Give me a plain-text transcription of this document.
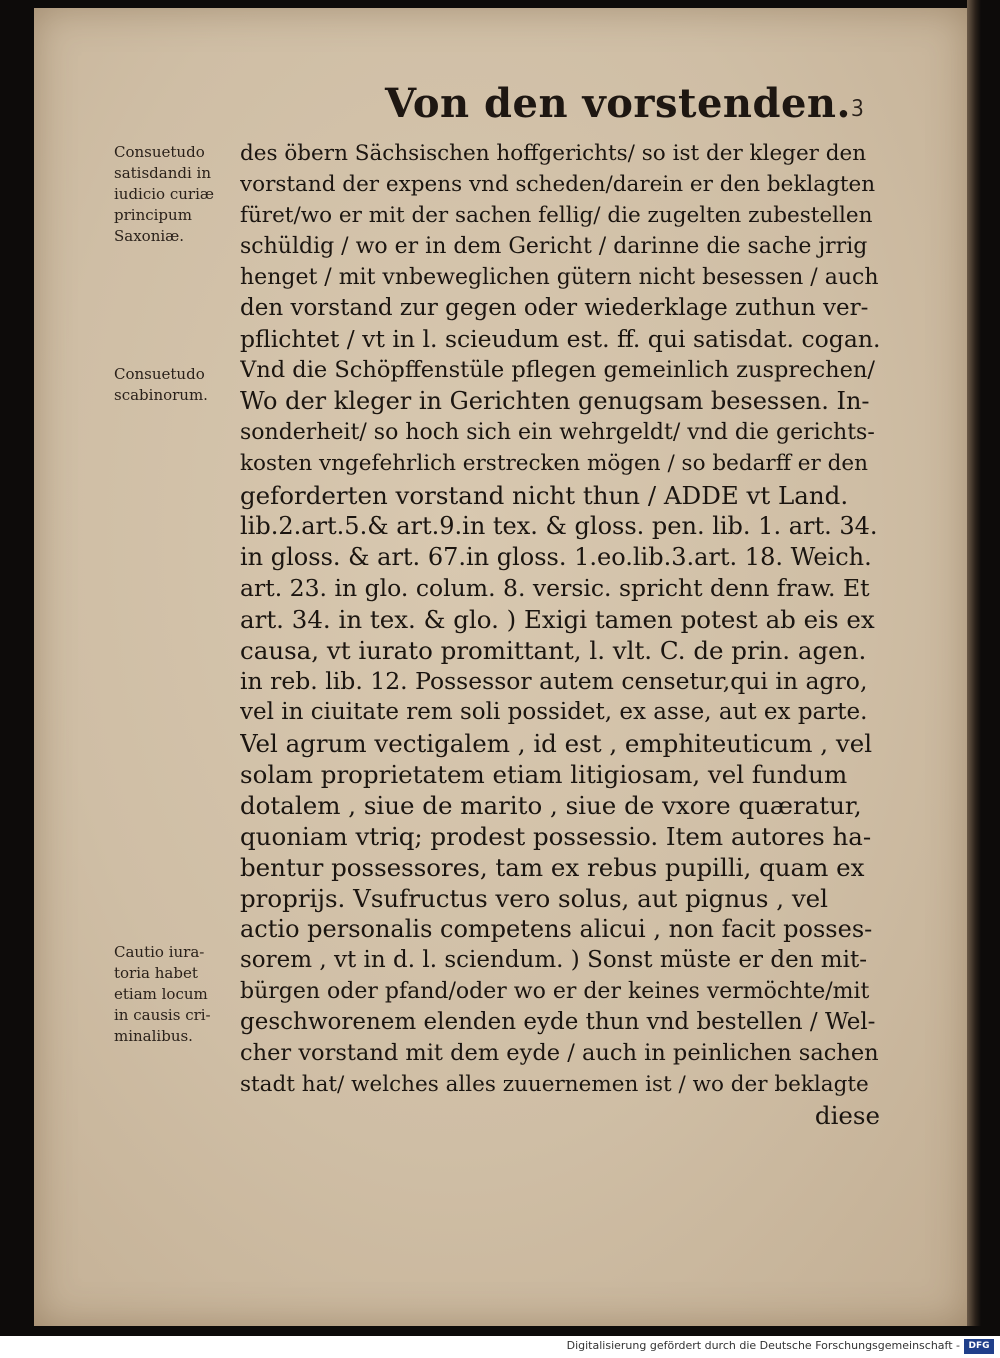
Von den vorstenden. ꝫ
Consuetudo
satisdandi in
iudicio curiæ
principum
Saxoniæ.
Consuetudo
scabinorum.
Cautio iura-
toria habet
etiam locum
in causis cri-
minalibus.
des öbern Sächsischen hoffgerichts/ so ist der kleger den
vorstand der expens vnd scheden/darein er den beklagten
füret/wo er mit der sachen fellig/ die zugelten zubestellen
schüldig / wo er in dem Gericht / darinne die sache jrrig
henget / mit vnbeweglichen gütern nicht besessen / auch
den vorstand zur gegen oder wiederklage zuthun ver-
pflichtet / vt in l. scieudum est. ff. qui satisdat. cogan.
Vnd die Schöpffenstüle pflegen gemeinlich zusprechen/
Wo der kleger in Gerichten genugsam besessen. In-
sonderheit/ so hoch sich ein wehrgeldt/ vnd die gerichts-
kosten vngefehrlich erstrecken mögen / so bedarff er den
geforderten vorstand nicht thun / ADDE vt Land.
lib.2.art.5.& art.9.in tex. & gloss. pen. lib. 1. art. 34.
in gloss. & art. 67.in gloss. 1.eo.lib.3.art. 18. Weich.
art. 23. in glo. colum. 8. versic. spricht denn fraw. Et
art. 34. in tex. & glo. ) Exigi tamen potest ab eis ex
causa, vt iurato promittant, l. vlt. C. de prin. agen.
in reb. lib. 12. Possessor autem censetur,qui in agro,
vel in ciuitate rem soli possidet, ex asse, aut ex parte.
Vel agrum vectigalem , id est , emphiteuticum , vel
solam proprietatem etiam litigiosam, vel fundum
dotalem , siue de marito , siue de vxore quæratur,
quoniam vtriq; prodest possessio. Item autores ha-
bentur possessores, tam ex rebus pupilli, quam ex
proprijs. Vsufructus vero solus, aut pignus , vel
actio personalis competens alicui , non facit posses-
sorem , vt in d. l. sciendum. ) Sonst müste er den mit-
bürgen oder pfand/oder wo er der keines vermöchte/mit
geschworenem elenden eyde thun vnd bestellen / Wel-
cher vorstand mit dem eyde / auch in peinlichen sachen
stadt hat/ welches alles zuuernemen ist / wo der beklagte
diese
Digitalisierung gefördert durch die Deutsche Forschungsgemeinschaft - DFG
